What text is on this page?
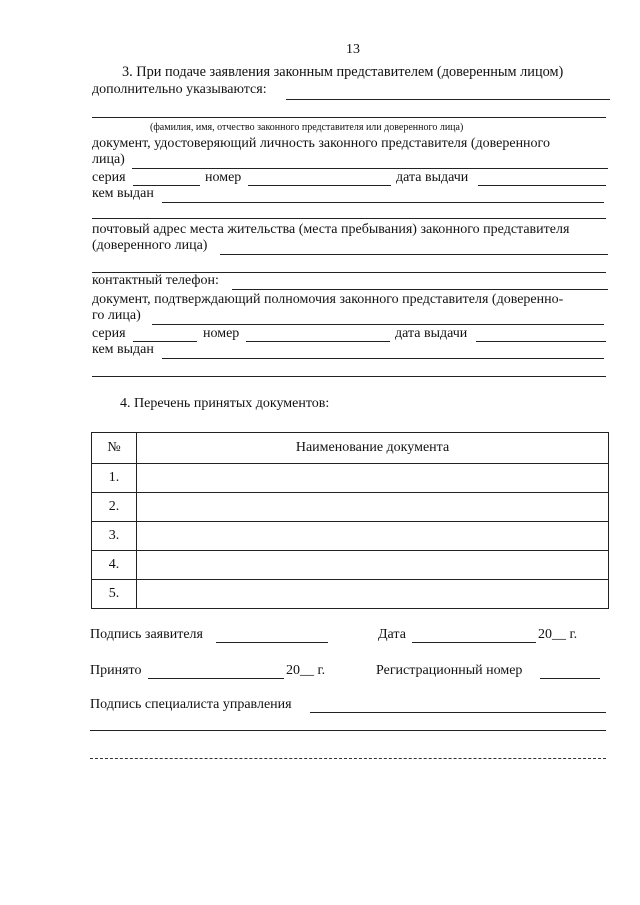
13
3. При подаче заявления законным представителем (доверенным лицом)
дополнительно указываются:
(фамилия, имя, отчество законного представителя или доверенного лица)
документ, удостоверяющий личность законного представителя (доверенного
лица)
серия	номер	дата выдачи
кем выдан
почтовый адрес места жительства (места пребывания) законного представителя
(доверенного лица)
контактный телефон:
документ, подтверждающий полномочия законного представителя (доверенно-
го лица)
серия	номер	дата выдачи
кем выдан
4. Перечень принятых документов:
№	Наименование документа
1.	
2.	
3.	
4.	
5.	
Подпись заявителя	Дата	20__ г.
Принято	20__ г.	Регистрационный номер
Подпись специалиста управления
